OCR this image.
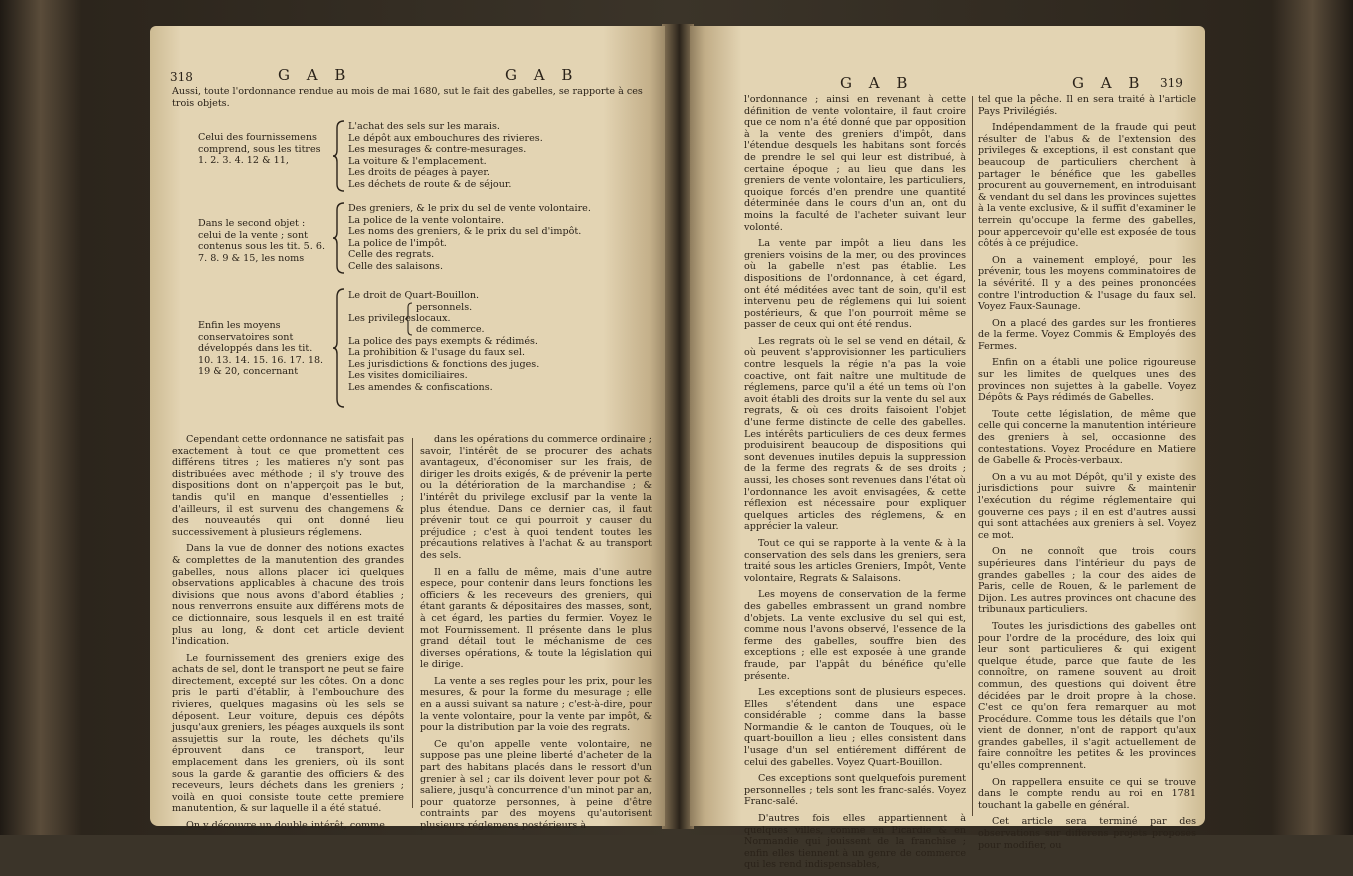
318	G A B	G A B
Aussi, toute l'ordonnance rendue au mois de mai 1680, sut le fait des gabelles, se rapporte à ces trois objets.
Celui des fournissemens comprend, sous les titres 1. 2. 3. 4. 12 & 11,
L'achat des sels sur les marais.
Le dépôt aux embouchures des rivieres.
Les mesurages & contre-mesurages.
La voiture & l'emplacement.
Les droits de péages à payer.
Les déchets de route & de séjour.
Dans le second objet : celui de la vente ; sont contenus sous les tit. 5. 6. 7. 8. 9 & 15, les noms
Des greniers, & le prix du sel de vente volontaire.
La police de la vente volontaire.
Les noms des greniers, & le prix du sel d'impôt.
La police de l'impôt.
Celle des regrats.
Celle des salaisons.
Enfin les moyens conservatoires sont développés dans les tit. 10. 13. 14. 15. 16. 17. 18. 19 & 20, concernant
Le droit de Quart-Bouillon.
Les privileges
personnels.
locaux.
de commerce.
La police des pays exempts & rédimés.
La prohibition & l'usage du faux sel.
Les jurisdictions & fonctions des juges.
Les visites domiciliaires.
Les amendes & confiscations.

Cependant cette ordonnance ne satisfait pas exactement à tout ce que promettent ces différens titres ; les matieres n'y sont pas distribuées avec méthode ; il s'y trouve des dispositions dont on n'apperçoit pas le but, tandis qu'il en manque d'essentielles ; d'ailleurs, il est survenu des changemens & des nouveautés qui ont donné lieu successivement à plusieurs réglemens.

Dans la vue de donner des notions exactes & complettes de la manutention des grandes gabelles, nous allons placer ici quelques observations applicables à chacune des trois divisions que nous avons d'abord établies ; nous renverrons ensuite aux différens mots de ce dictionnaire, sous lesquels il en est traité plus au long, & dont cet article devient l'indication.

Le fournissement des greniers exige des achats de sel, dont le transport ne peut se faire directement, excepté sur les côtes. On a donc pris le parti d'établir, à l'embouchure des rivieres, quelques magasins où les sels se déposent. Leur voiture, depuis ces dépôts jusqu'aux greniers, les péages auxquels ils sont assujettis sur la route, les déchets qu'ils éprouvent dans ce transport, leur emplacement dans les greniers, où ils sont sous la garde & garantie des officiers & des receveurs, leurs déchets dans les greniers ; voilà en quoi consiste toute cette premiere manutention, & sur laquelle il a été statué.

On y découvre un double intérêt, comme

dans les opérations du commerce ordinaire ; savoir, l'intérêt de se procurer des achats avantageux, d'économiser sur les frais, de diriger les droits exigés, & de prévenir la perte ou la détérioration de la marchandise ; & l'intérêt du privilege exclusif par la vente la plus étendue. Dans ce dernier cas, il faut prévenir tout ce qui pourroit y causer du préjudice ; c'est à quoi tendent toutes les précautions relatives à l'achat & au transport des sels.

Il en a fallu de même, mais d'une autre espece, pour contenir dans leurs fonctions les officiers & les receveurs des greniers, qui étant garants & dépositaires des masses, sont, à cet égard, les parties du fermier. Voyez le mot Fournissement. Il présente dans le plus grand détail tout le méchanisme de ces diverses opérations, & toute la législation qui le dirige.

La vente a ses regles pour les prix, pour les mesures, & pour la forme du mesurage ; elle en a aussi suivant sa nature ; c'est-à-dire, pour la vente volontaire, pour la vente par impôt, & pour la distribution par la voie des regrats.

Ce qu'on appelle vente volontaire, ne suppose pas une pleine liberté d'acheter de la part des habitans placés dans le ressort d'un grenier à sel ; car ils doivent lever pour pot & saliere, jusqu'à concurrence d'un minot par an, pour quatorze personnes, à peine d'être contraints par des moyens qu'autorisent plusieurs réglemens postérieurs à

G A B	G A B 319

l'ordonnance ; ainsi en revenant à cette définition de vente volontaire, il faut croire que ce nom n'a été donné que par opposition à la vente des greniers d'impôt, dans l'étendue desquels les habitans sont forcés de prendre le sel qui leur est distribué, à certaine époque ; au lieu que dans les greniers de vente volontaire, les particuliers, quoique forcés d'en prendre une quantité déterminée dans le cours d'un an, ont du moins la faculté de l'acheter suivant leur volonté.

La vente par impôt a lieu dans les greniers voisins de la mer, ou des provinces où la gabelle n'est pas établie. Les dispositions de l'ordonnance, à cet égard, ont été méditées avec tant de soin, qu'il est intervenu peu de réglemens qui lui soient postérieurs, & que l'on pourroit même se passer de ceux qui ont été rendus.

Les regrats où le sel se vend en détail, & où peuvent s'approvisionner les particuliers contre lesquels la régie n'a pas la voie coactive, ont fait naître une multitude de réglemens, parce qu'il a été un tems où l'on avoit établi des droits sur la vente du sel aux regrats, & où ces droits faisoient l'objet d'une ferme distincte de celle des gabelles. Les intérêts particuliers de ces deux fermes produisirent beaucoup de dispositions qui sont devenues inutiles depuis la suppression de la ferme des regrats & de ses droits ; aussi, les choses sont revenues dans l'état où l'ordonnance les avoit envisagées, & cette réflexion est nécessaire pour expliquer quelques articles des réglemens, & en apprécier la valeur.

Tout ce qui se rapporte à la vente & à la conservation des sels dans les greniers, sera traité sous les articles Greniers, Impôt, Vente volontaire, Regrats & Salaisons.

Les moyens de conservation de la ferme des gabelles embrassent un grand nombre d'objets. La vente exclusive du sel qui est, comme nous l'avons observé, l'essence de la ferme des gabelles, souffre bien des exceptions ; elle est exposée à une grande fraude, par l'appât du bénéfice qu'elle présente.

Les exceptions sont de plusieurs especes. Elles s'étendent dans une espace considérable ; comme dans la basse Normandie & le canton de Touques, où le quart-bouillon a lieu ; elles consistent dans l'usage d'un sel entiérement différent de celui des gabelles. Voyez Quart-Bouillon.

Ces exceptions sont quelquefois purement personnelles ; tels sont les franc-salés. Voyez Franc-salé.

D'autres fois elles appartiennent à quelques villes, comme en Picardie & en Normandie qui jouissent de la franchise ; enfin elles tiennent à un genre de commerce qui les rend indispensables,

tel que la pêche. Il en sera traité à l'article Pays Privilégiés.

Indépendamment de la fraude qui peut résulter de l'abus & de l'extension des privileges & exceptions, il est constant que beaucoup de particuliers cherchent à partager le bénéfice que les gabelles procurent au gouvernement, en introduisant & vendant du sel dans les provinces sujettes à la vente exclusive, & il suffit d'examiner le terrein qu'occupe la ferme des gabelles, pour appercevoir qu'elle est exposée de tous côtés à ce préjudice.

On a vainement employé, pour les prévenir, tous les moyens comminatoires de la sévérité. Il y a des peines prononcées contre l'introduction & l'usage du faux sel. Voyez Faux-Saunage.

On a placé des gardes sur les frontieres de la ferme. Voyez Commis & Employés des Fermes.

Enfin on a établi une police rigoureuse sur les limites de quelques unes des provinces non sujettes à la gabelle. Voyez Dépôts & Pays rédimés de Gabelles.

Toute cette législation, de même que celle qui concerne la manutention intérieure des greniers à sel, occasionne des contestations. Voyez Procédure en Matiere de Gabelle & Procès-verbaux.

On a vu au mot Dépôt, qu'il y existe des jurisdictions pour suivre & maintenir l'exécution du régime réglementaire qui gouverne ces pays ; il en est d'autres aussi qui sont attachées aux greniers à sel. Voyez ce mot.

On ne connoît que trois cours supérieures dans l'intérieur du pays de grandes gabelles ; la cour des aides de Paris, celle de Rouen, & le parlement de Dijon. Les autres provinces ont chacune des tribunaux particuliers.

Toutes les jurisdictions des gabelles ont pour l'ordre de la procédure, des loix qui leur sont particulieres & qui exigent quelque étude, parce que faute de les connoître, on ramene souvent au droit commun, des questions qui doivent être décidées par le droit propre à la chose. C'est ce qu'on fera remarquer au mot Procédure. Comme tous les détails que l'on vient de donner, n'ont de rapport qu'aux grandes gabelles, il s'agit actuellement de faire connoître les petites & les provinces qu'elles comprennent.

On rappellera ensuite ce qui se trouve dans le compte rendu au roi en 1781 touchant la gabelle en général.

Cet article sera terminé par des observations sur différens projets proposés pour modifier, ou
